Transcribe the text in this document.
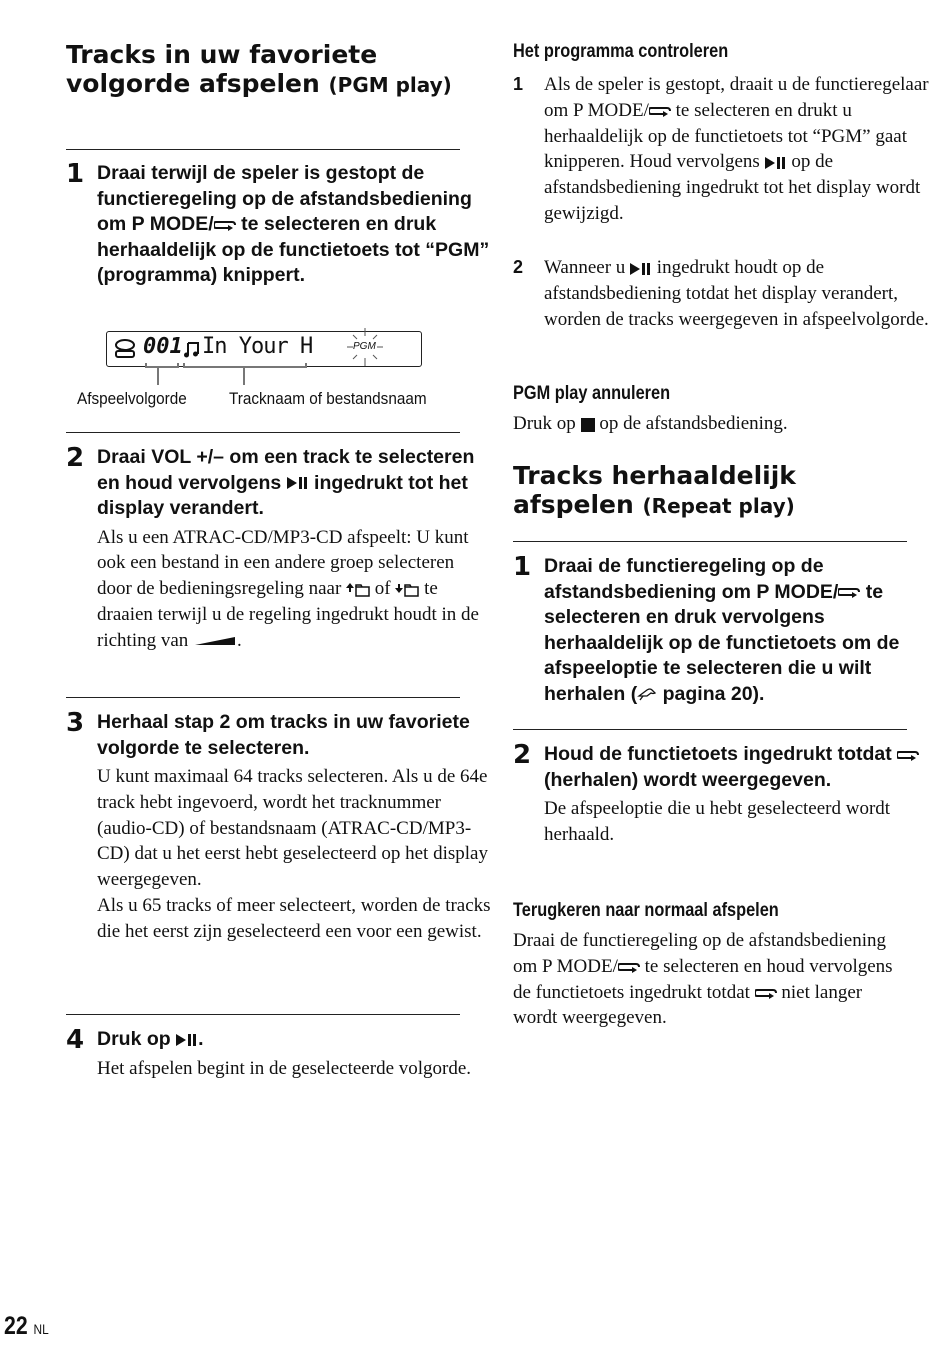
Tracks in uw favoriete volgorde afspelen (PGM play)

1 Draai terwijl de speler is gestopt de functieregeling op de afstandsbediening om P MODE/ te selecteren en druk herhaaldelijk op de functietoets tot “PGM” (programma) knippert.
001 In Your H	PGM
Afspeelvolgorde Tracknaam of bestandsnaam
2 Draai VOL +/– om een track te selecteren en houd vervolgens  ingedrukt tot het display verandert.
Als u een ATRAC-CD/MP3-CD afspeelt: U kunt ook een bestand in een andere groep selecteren door de bedieningsregeling naar  of  te draaien terwijl u de regeling ingedrukt houdt in de richting van .
3 Herhaal stap 2 om tracks in uw favoriete volgorde te selecteren.
U kunt maximaal 64 tracks selecteren. Als u de 64e track hebt ingevoerd, wordt het tracknummer (audio-CD) of bestandsnaam (ATRAC-CD/MP3-CD) dat u het eerst hebt geselecteerd op het display weergegeven.
Als u 65 tracks of meer selecteert, worden de tracks die het eerst zijn geselecteerd een voor een gewist.
4 Druk op .
Het afspelen begint in de geselecteerde volgorde.
Het programma controleren
1 Als de speler is gestopt, draait u de functieregelaar om P MODE/ te selecteren en drukt u herhaaldelijk op de functietoets tot “PGM” gaat knipperen. Houd vervolgens  op de afstandsbediening ingedrukt tot het display wordt gewijzigd.
2 Wanneer u  ingedrukt houdt op de afstandsbediening totdat het display verandert, worden de tracks weergegeven in afspeelvolgorde.
PGM play annuleren
Druk op  op de afstandsbediening.

Tracks herhaaldelijk afspelen (Repeat play)

1 Draai de functieregeling op de afstandsbediening om P MODE/ te selecteren en druk vervolgens herhaaldelijk op de functietoets om de afspeeloptie te selecteren die u wilt herhalen ( pagina 20).
2 Houd de functietoets ingedrukt totdat  (herhalen) wordt weergegeven.
De afspeeloptie die u hebt geselecteerd wordt herhaald.
Terugkeren naar normaal afspelen
Draai de functieregeling op de afstandsbediening om P MODE/ te selecteren en houd vervolgens de functietoets ingedrukt totdat  niet langer wordt weergegeven.
22 NL
